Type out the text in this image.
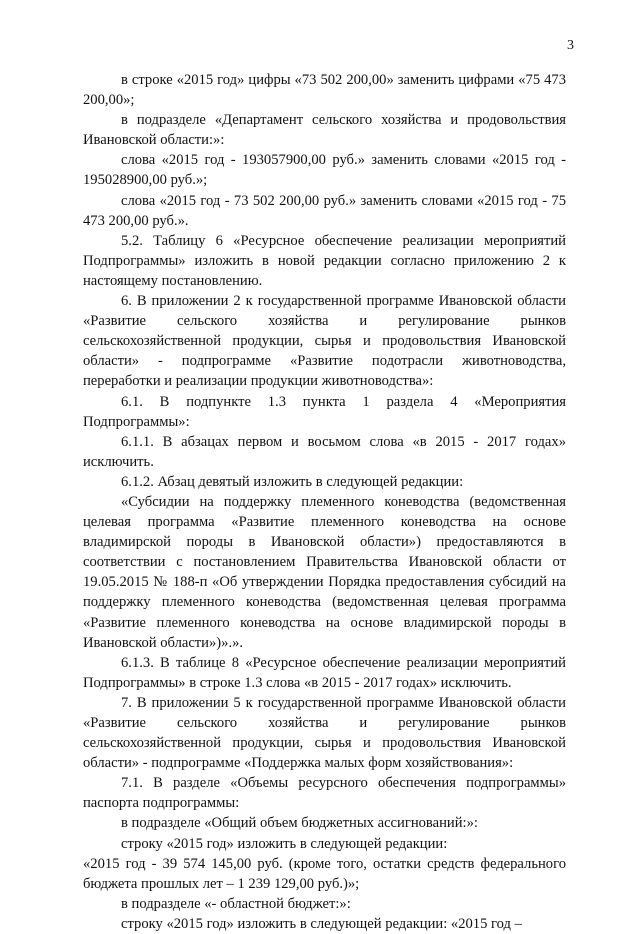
3

в строке «2015 год» цифры «73 502 200,00» заменить цифрами «75 473 200,00»;

в подразделе «Департамент сельского хозяйства и продовольствия Ивановской области:»:

слова «2015 год - 193057900,00 руб.» заменить словами «2015 год - 195028900,00 руб.»;

слова «2015 год - 73 502 200,00 руб.» заменить словами «2015 год - 75 473 200,00 руб.».

5.2. Таблицу 6 «Ресурсное обеспечение реализации мероприятий Подпрограммы» изложить в новой редакции согласно приложению 2 к настоящему постановлению.

6. В приложении 2 к государственной программе Ивановской области «Развитие сельского хозяйства и регулирование рынков сельскохозяйственной продукции, сырья и продовольствия Ивановской области» - подпрограмме «Развитие подотрасли животноводства, переработки и реализации продукции животноводства»:

6.1. В подпункте 1.3 пункта 1 раздела 4 «Мероприятия Подпрограммы»:

6.1.1. В абзацах первом и восьмом слова «в 2015 - 2017 годах» исключить.

6.1.2. Абзац девятый изложить в следующей редакции:

«Субсидии на поддержку племенного коневодства (ведомственная целевая программа «Развитие племенного коневодства на основе владимирской породы в Ивановской области») предоставляются в соответствии с постановлением Правительства Ивановской области от 19.05.2015 № 188-п «Об утверждении Порядка предоставления субсидий на поддержку племенного коневодства (ведомственная целевая программа «Развитие племенного коневодства на основе владимирской породы в Ивановской области»)».».

6.1.3. В таблице 8 «Ресурсное обеспечение реализации мероприятий Подпрограммы» в строке 1.3 слова «в 2015 - 2017 годах» исключить.

7. В приложении 5 к государственной программе Ивановской области «Развитие сельского хозяйства и регулирование рынков сельскохозяйственной продукции, сырья и продовольствия Ивановской области» - подпрограмме «Поддержка малых форм хозяйствования»:

7.1. В разделе «Объемы ресурсного обеспечения подпрограммы» паспорта подпрограммы:

в подразделе «Общий объем бюджетных ассигнований:»:

строку «2015 год» изложить в следующей редакции:

«2015 год - 39 574 145,00 руб. (кроме того, остатки средств федерального бюджета прошлых лет – 1 239 129,00 руб.)»;

в подразделе «- областной бюджет:»:

строку «2015 год» изложить в следующей редакции: «2015 год –
